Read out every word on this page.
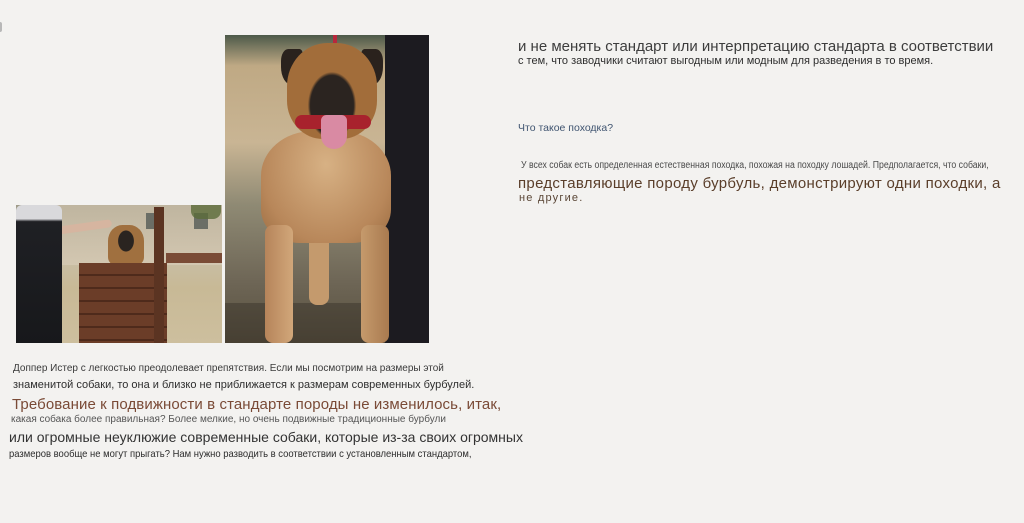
Доппер Истер с легкостью преодолевает препятствия. Если мы посмотрим на размеры этой
знаменитой собаки, то она и близко не приближается к размерам современных бурбулей.
Требование к подвижности в стандарте породы не изменилось, итак,
какая собака более правильная? Более мелкие, но очень подвижные традиционные бурбули
или огромные неуклюжие современные собаки, которые из-за своих огромных
размеров вообще не могут прыгать? Нам нужно разводить в соответствии с установленным стандартом,
и не менять стандарт или интерпретацию стандарта в соответствии
с тем, что заводчики считают выгодным или модным для разведения в то время.
Что такое походка?
У всех собак есть определенная естественная походка, похожая на походку лошадей. Предполагается, что собаки,
представляющие породу бурбуль, демонстрируют одни походки, а
не другие.
